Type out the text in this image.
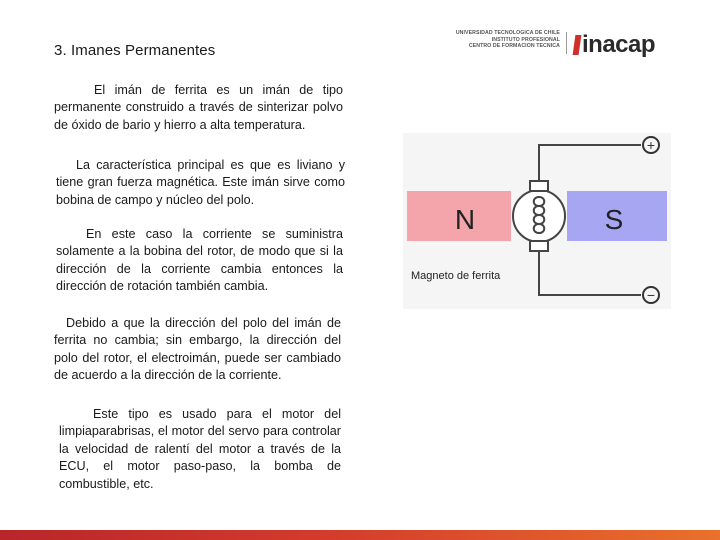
3. Imanes Permanentes

El imán de ferrita es un imán de tipo permanente construido a través de sinterizar polvo de óxido de bario y hierro a alta temperatura.

La característica principal es que es liviano y tiene gran fuerza magnética. Este imán sirve como bobina de campo y núcleo del polo.

En este caso la corriente se suministra solamente a la bobina del rotor, de modo que si la dirección de la corriente cambia entonces la dirección de rotación también cambia.

Debido a que la dirección del polo del imán de ferrita no cambia; sin embargo, la dirección del polo del rotor, el electroimán, puede ser cambiado de acuerdo a la dirección de la corriente.

Este tipo es usado para el motor del limpiaparabrisas, el motor del servo para controlar la velocidad de ralentí del motor a través de la ECU, el motor paso-paso, la bomba de combustible, etc.

UNIVERSIDAD TECNOLÓGICA DE CHILE
INSTITUTO PROFESIONAL
CENTRO DE FORMACIÓN TÉCNICA inacap
N	S
+
−
Magneto de ferrita
